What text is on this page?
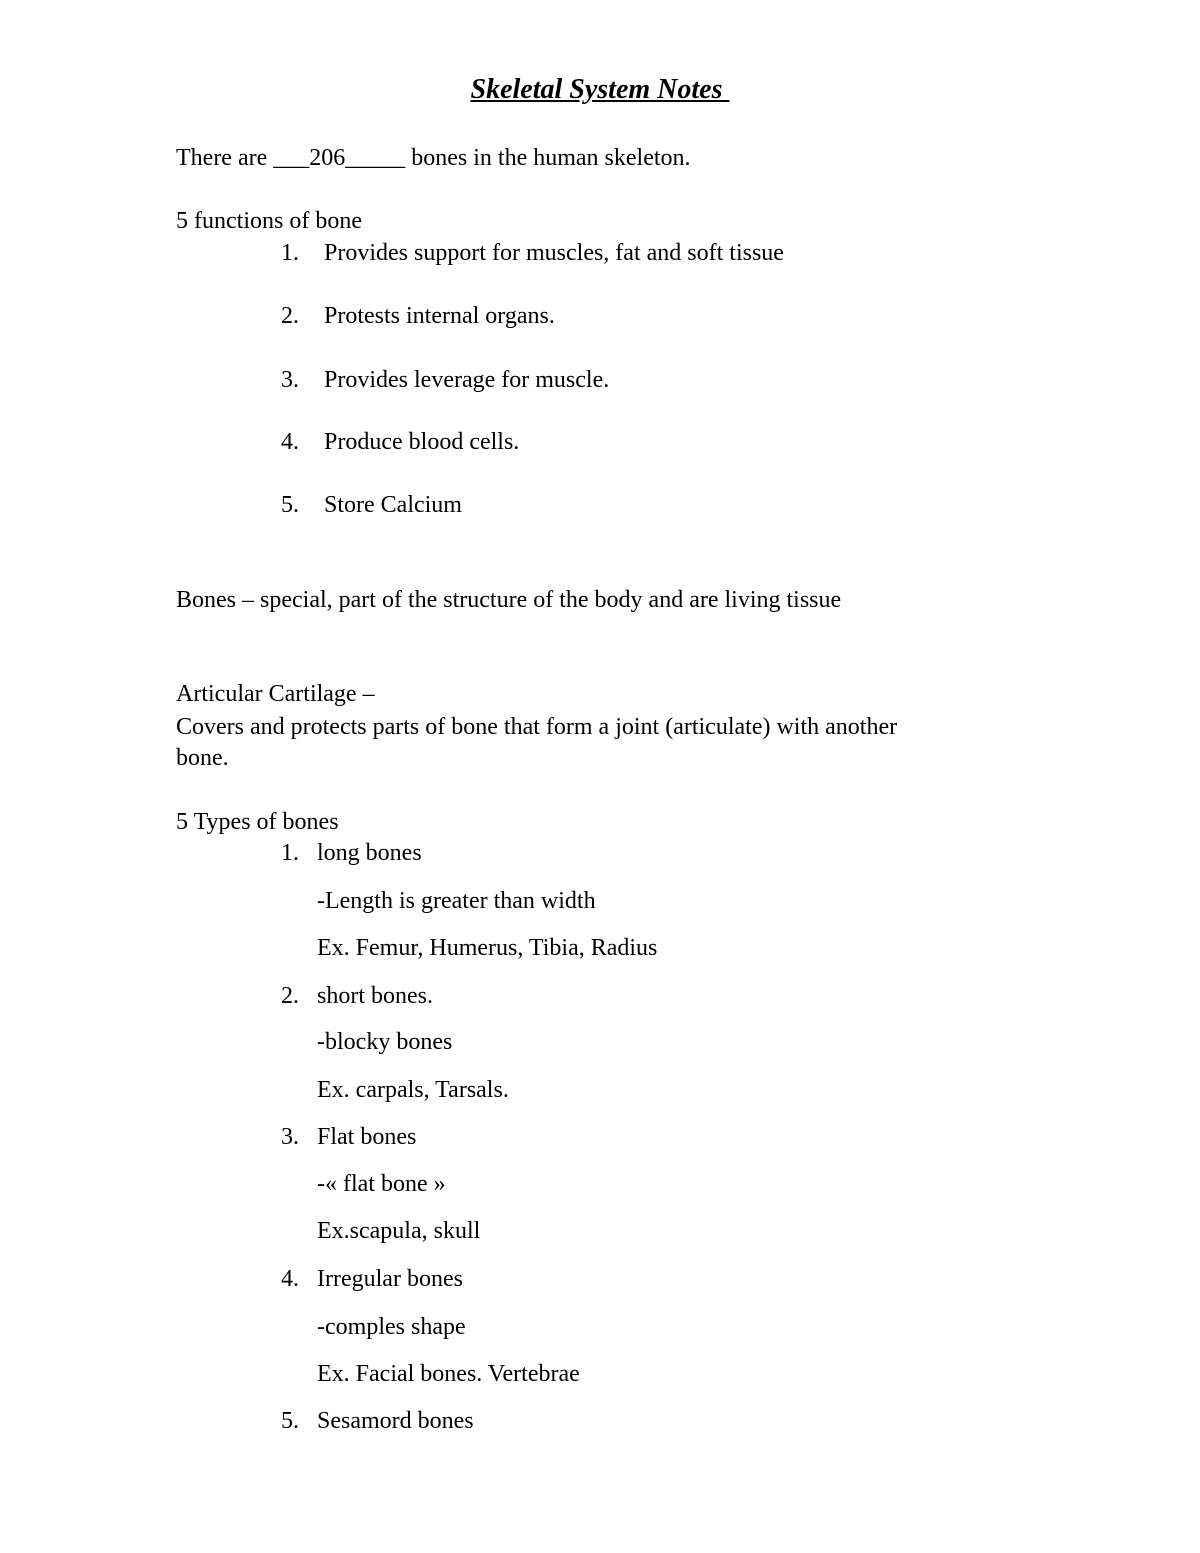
Skeletal System Notes
There are ___206_____ bones in the human skeleton.
5 functions of bone
1. Provides support for muscles, fat and soft tissue
2. Protests internal organs.
3. Provides leverage for muscle.
4. Produce blood cells.
5. Store Calcium
Bones – special, part of the structure of the body and are living tissue
Articular Cartilage –
Covers and protects parts of bone that form a joint (articulate) with another
bone.
5 Types of bones
1. long bones
-Length is greater than width
Ex. Femur, Humerus, Tibia, Radius
2. short bones.
-blocky bones
Ex. carpals, Tarsals.
3. Flat bones
-« flat bone »
Ex.scapula, skull
4. Irregular bones
-comples shape
Ex. Facial bones. Vertebrae
5. Sesamord bones
